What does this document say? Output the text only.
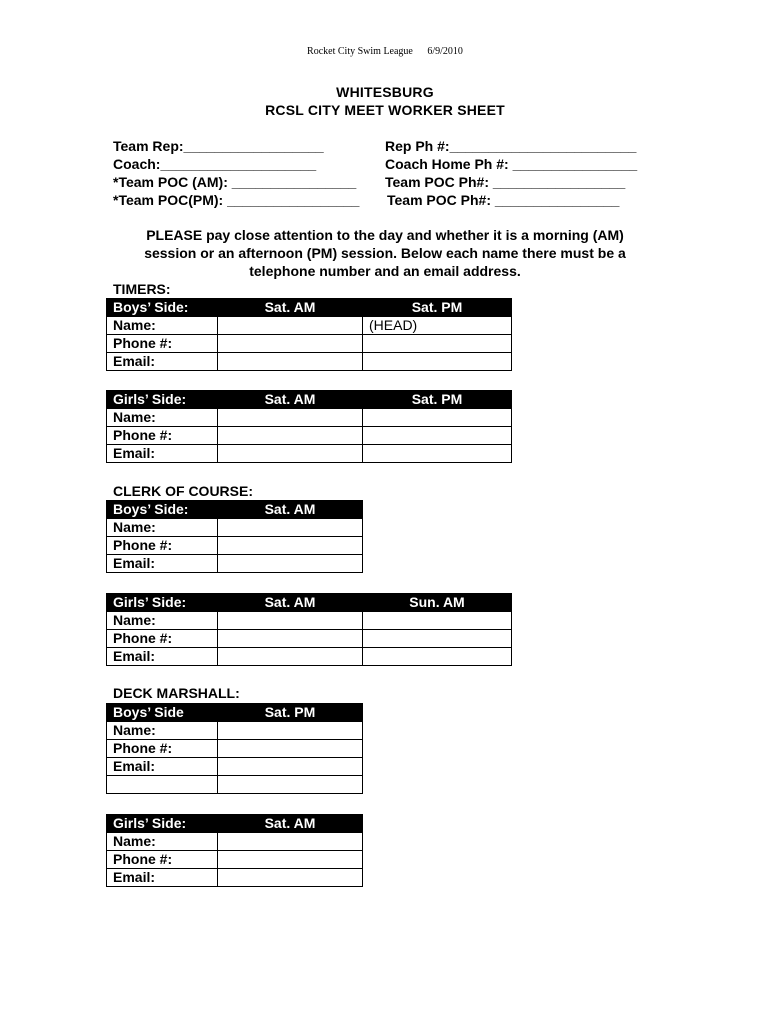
Rocket City Swim League 6/9/2010
WHITESBURG
RCSL CITY MEET WORKER SHEET
Team Rep:__________________	Rep Ph #:________________________
Coach:____________________	Coach Home Ph #: ________________
*Team POC (AM): ________________ Team POC Ph#: _________________
*Team POC(PM): _________________ Team POC Ph#: ________________
PLEASE pay close attention to the day and whether it is a morning (AM)
session or an afternoon (PM) session. Below each name there must be a
telephone number and an email address.
TIMERS:
Boys’ Side:	Sat. AM	Sat. PM
Name:		(HEAD)
Phone #:		
Email:		
Girls’ Side:	Sat. AM	Sat. PM
Name:		
Phone #:		
Email:		
CLERK OF COURSE:
Boys’ Side:	Sat. AM
Name:	
Phone #:	
Email:	
Girls’ Side:	Sat. AM	Sun. AM
Name:		
Phone #:		
Email:		
DECK MARSHALL:
Boys’ Side	Sat. PM
Name:	
Phone #:	
Email:	

Girls’ Side:	Sat. AM
Name:	
Phone #:	
Email:	
